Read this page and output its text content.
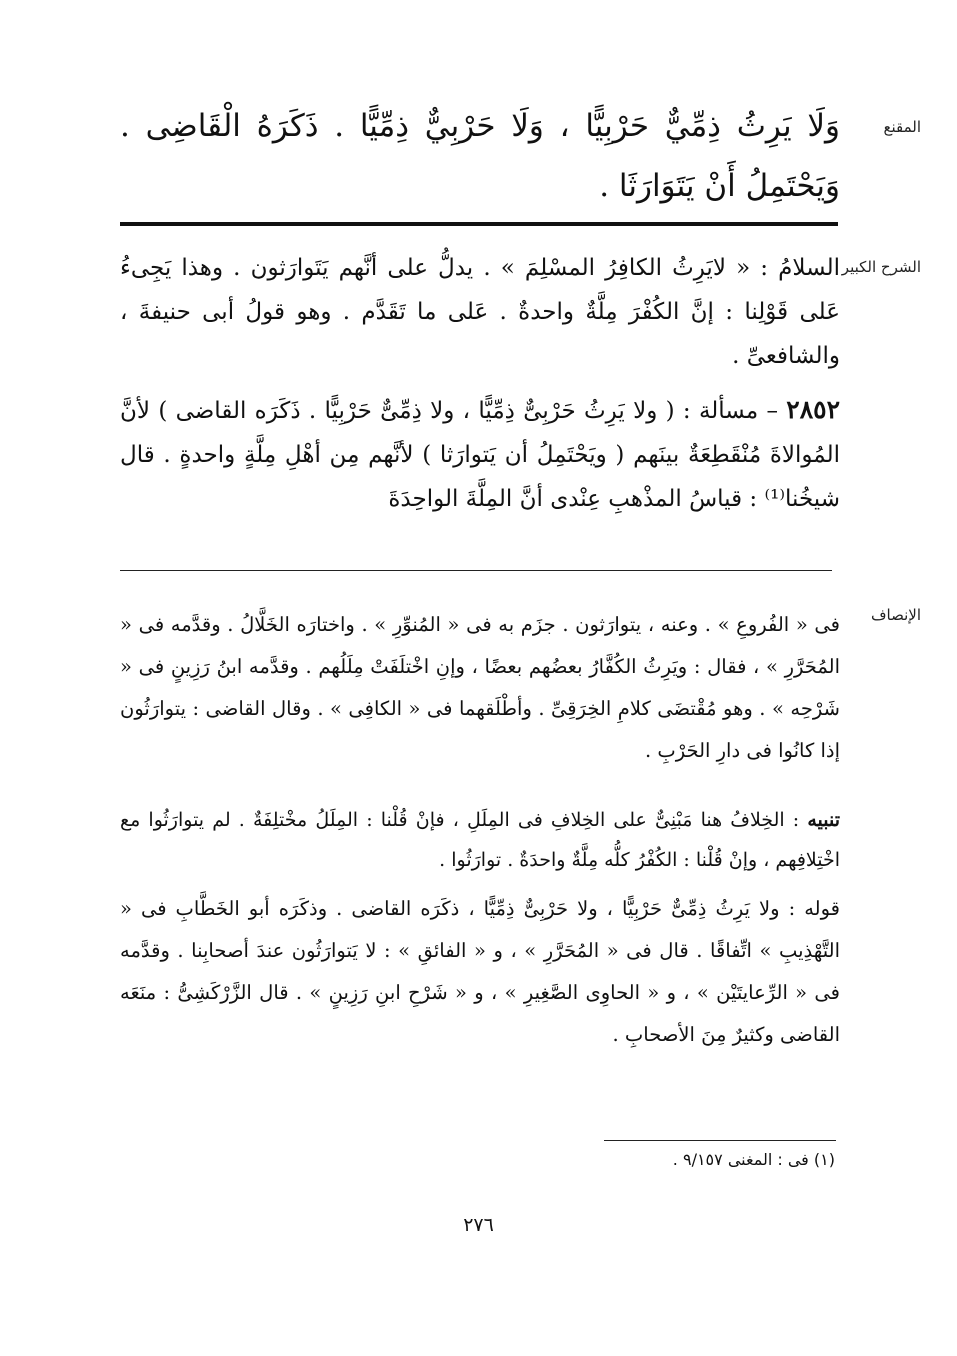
المقنع
وَلَا يَرِثُ ذِمِّيٌّ حَرْبِيًّا ، وَلَا حَرْبِيٌّ ذِمِّيًّا . ذَكَرَهُ الْقَاضِى . وَيَحْتَمِلُ أَنْ يَتَوَارَثَا .
الشرح الكبير

السلامُ : « لايَرِثُ الكافِرُ المسْلِمَ » . يدلُّ على أنَّهم يَتَوارَثون . وهذا يَجِىءُ عَلى قَوْلِنا : إنَّ الكُفْرَ مِلَّةٌ واحدةٌ . عَلى ما تَقَدَّم . وهو قولُ أبى حنيفةَ ، والشافعىِّ .

٢٨٥٢ – مسألة : ( ولا يَرِثُ حَرْبِىٌّ ذِمِّيًّا ، ولا ذِمِّىٌّ حَرْبِيًّا . ذَكَرَه القاضى ) لأنَّ المُوالاةَ مُنْقَطِعَةٌ بينَهم ( ويَحْتَمِلُ أن يَتوارَثا ) لأنَّهم مِن أهْلِ مِلَّةٍ واحدةٍ . قال شيخُنا⁽¹⁾ : قياسُ المذْهبِ عِنْدى أنَّ المِلَّةَ الواحِدَةَ

الإنصاف

فى « الفُروعِ » . وعنه ، يتوارَثون . جزَم به فى « المُنوِّرِ » . واختارَه الخَلَّالُ . وقدَّمه فى « المُحَرَّرِ » ، فقال : ويَرِثُ الكُفَّارُ بعضُهم بعضًا ، وإنِ اخْتلَفَتْ مِلَلُهم . وقدَّمه ابنُ رَزِينٍ فى « شَرْحِه » . وهو مُقْتضَى كلامِ الخِرَقِىِّ . وأطْلَقهما فى « الكافِى » . وقال القاضى : يتوارَثُون إذا كانُوا فى دارِ الحَرْبِ .

تنبيه : الخِلافُ هنا مَبْنِىٌّ على الخِلافِ فى المِلَلِ ، فإنْ قُلْنا : المِلَلُ مخْتلِفَةٌ . لم يتوارَثُوا مع اخْتِلافِهم ، وإنْ قُلْنا : الكُفْرُ كلُّه مِلَّةٌ واحدَةٌ . توارَثُوا .

قوله : ولا يَرِثُ ذِمِّىٌّ حَرْبِيًّا ، ولا حَرْبِىٌّ ذِمِّيًّا ، ذكَرَه القاضى . وذكَرَه أبو الخَطَّابِ فى « التَّهْذِيبِ » اتِّفاقًا . قال فى « المُحَرَّرِ » ، و « الفائقِ » : لا يَتوارَثُون عندَ أصحابِنا . وقدَّمه فى « الرِّعايتَيْن » ، و « الحاوِى الصَّغِيرِ » ، و « شَرْحِ ابنِ رَزِينٍ » . قال الزَّرْكَشِىُّ : منَعَه القاضى وكثيرٌ مِنَ الأصحابِ .

(١) فى : المغنى ٩/١٥٧ .
٢٧٦
